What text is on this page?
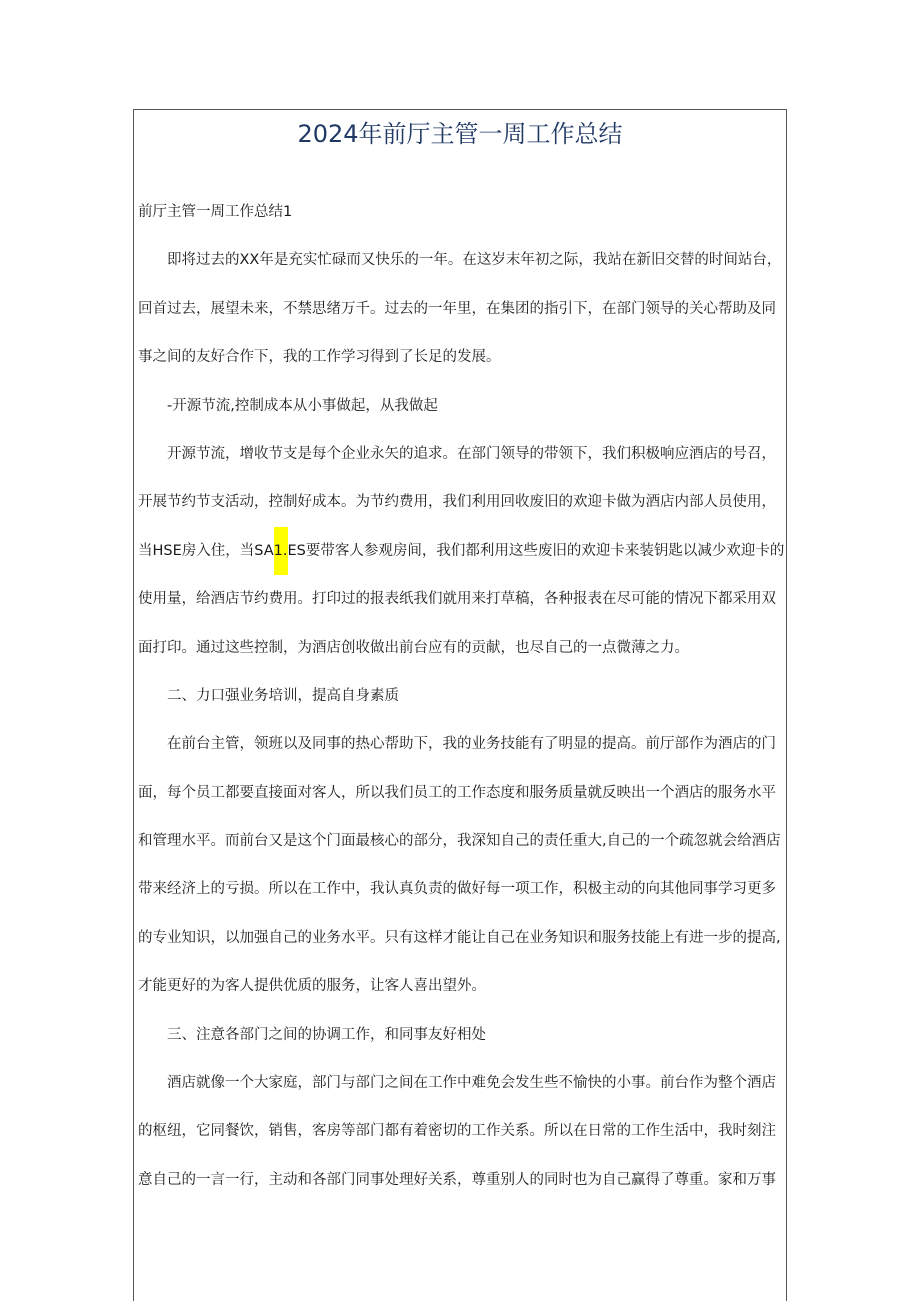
2024年前厅主管一周工作总结
前厅主管一周工作总结1
即将过去的XX年是充实忙碌而又快乐的一年。在这岁末年初之际，我站在新旧交替的时间站台，
回首过去，展望未来，不禁思绪万千。过去的一年里，在集团的指引下，在部门领导的关心帮助及同
事之间的友好合作下，我的工作学习得到了长足的发展。
-开源节流,控制成本从小事做起，从我做起
开源节流，增收节支是每个企业永矢的追求。在部门领导的带领下，我们积极响应酒店的号召，
开展节约节支活动，控制好成本。为节约费用，我们利用回收废旧的欢迎卡做为酒店内部人员使用，
当HSE房入住，当SA1.ES要带客人参观房间，我们都利用这些废旧的欢迎卡来装钥匙以减少欢迎卡的
使用量，给酒店节约费用。打印过的报表纸我们就用来打草稿，各种报表在尽可能的情况下都采用双
面打印。通过这些控制，为酒店创收做出前台应有的贡献，也尽自己的一点微薄之力。
二、力口强业务培训，提高自身素质
在前台主管，领班以及同事的热心帮助下，我的业务技能有了明显的提高。前厅部作为酒店的门
面，每个员工都要直接面对客人，所以我们员工的工作态度和服务质量就反映出一个酒店的服务水平
和管理水平。而前台又是这个门面最核心的部分，我深知自己的责任重大,自己的一个疏忽就会给酒店
带来经济上的亏损。所以在工作中，我认真负责的做好每一项工作，积极主动的向其他同事学习更多
的专业知识，以加强自己的业务水平。只有这样才能让自己在业务知识和服务技能上有进一步的提高,
才能更好的为客人提供优质的服务，让客人喜出望外。
三、注意各部门之间的协调工作，和同事友好相处
酒店就像一个大家庭，部门与部门之间在工作中难免会发生些不愉快的小事。前台作为整个酒店
的枢纽，它同餐饮，销售，客房等部门都有着密切的工作关系。所以在日常的工作生活中，我时刻注
意自己的一言一行，主动和各部门同事处理好关系，尊重别人的同时也为自己赢得了尊重。家和万事
